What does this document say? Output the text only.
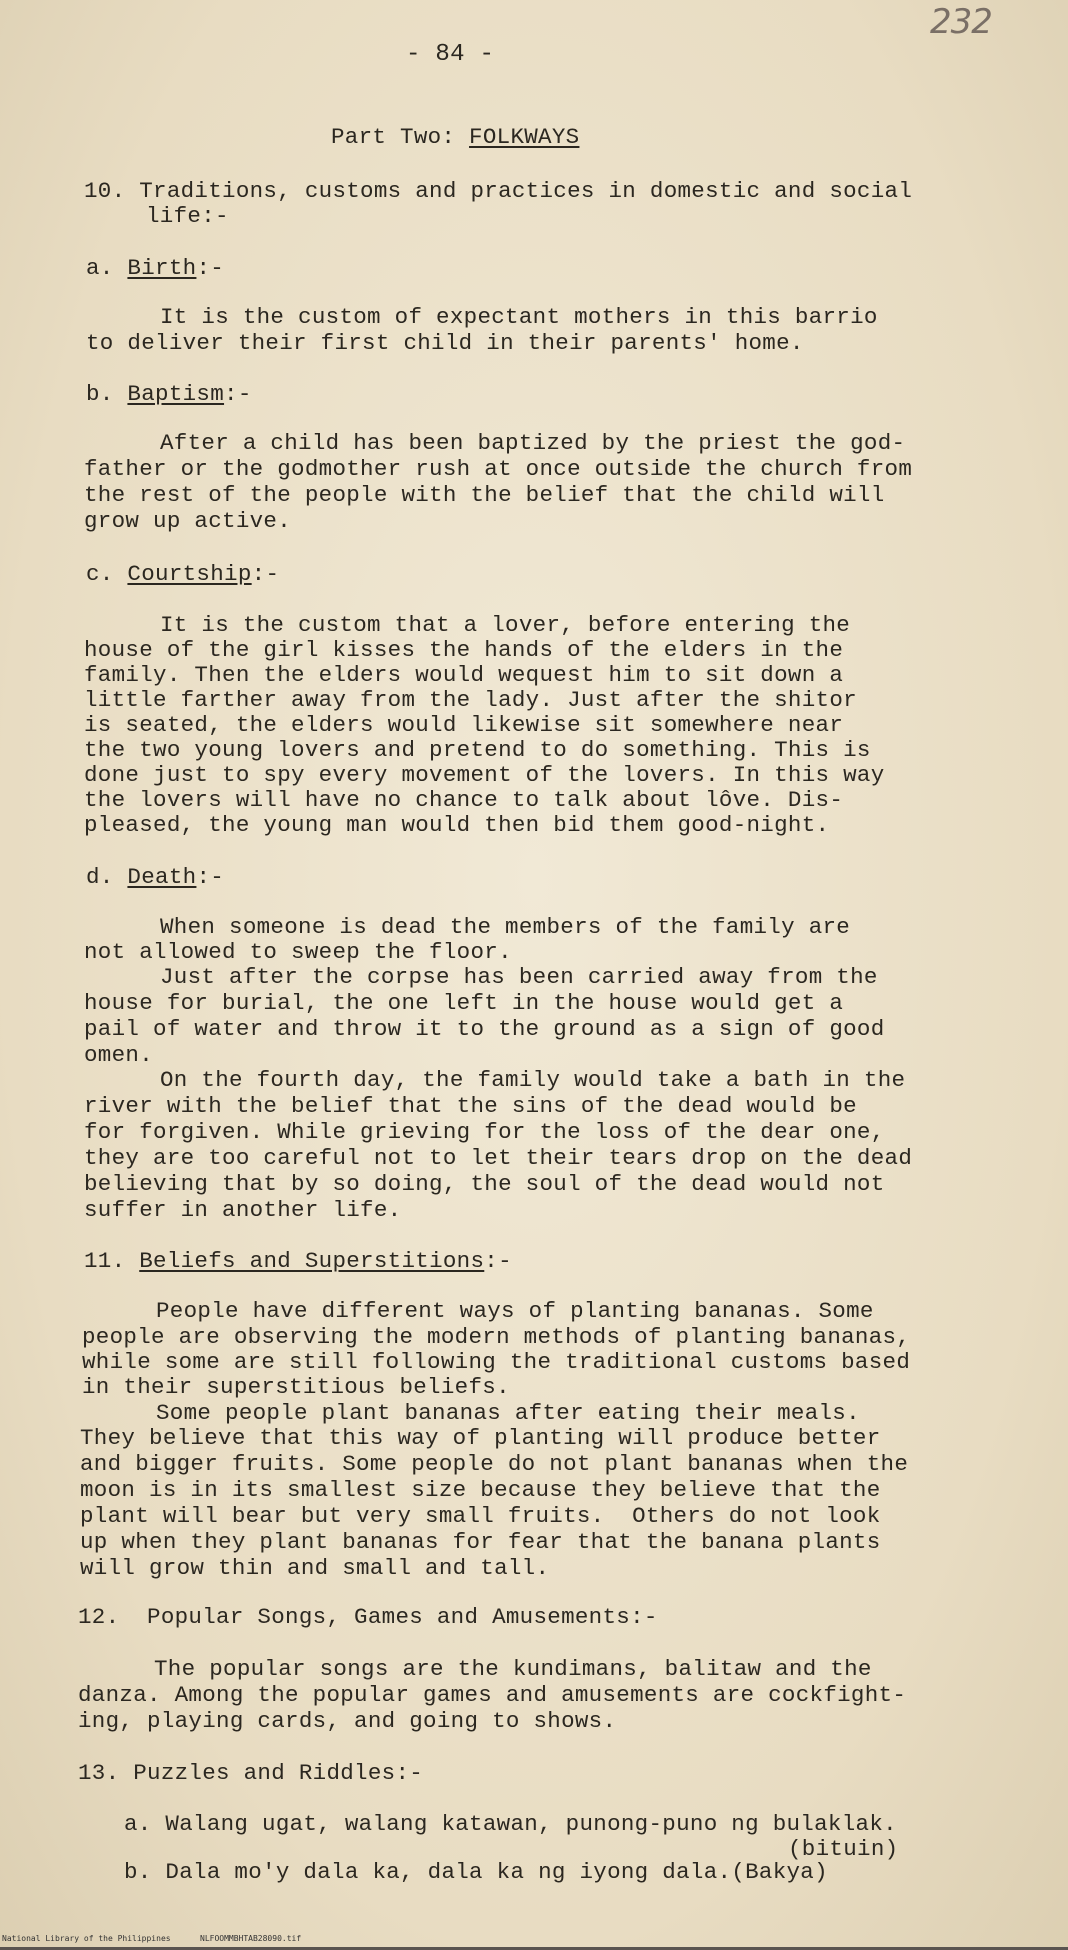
232
- 84 -
Part Two: FOLKWAYS
10. Traditions, customs and practices in domestic and social
life:-
a. Birth:-
It is the custom of expectant mothers in this barrio
to deliver their first child in their parents' home.
b. Baptism:-
After a child has been baptized by the priest the god-
father or the godmother rush at once outside the church from
the rest of the people with the belief that the child will
grow up active.
c. Courtship:-
It is the custom that a lover, before entering the
house of the girl kisses the hands of the elders in the
family. Then the elders would wequest him to sit down a
little farther away from the lady. Just after the shitor
is seated, the elders would likewise sit somewhere near
the two young lovers and pretend to do something. This is
done just to spy every movement of the lovers. In this way
the lovers will have no chance to talk about lôve. Dis-
pleased, the young man would then bid them good-night.
d. Death:-
When someone is dead the members of the family are
not allowed to sweep the floor.
Just after the corpse has been carried away from the
house for burial, the one left in the house would get a
pail of water and throw it to the ground as a sign of good
omen.
On the fourth day, the family would take a bath in the
river with the belief that the sins of the dead would be
for forgiven. While grieving for the loss of the dear one,
they are too careful not to let their tears drop on the dead
believing that by so doing, the soul of the dead would not
suffer in another life.
11. Beliefs and Superstitions:-
People have different ways of planting bananas. Some
people are observing the modern methods of planting bananas,
while some are still following the traditional customs based
in their superstitious beliefs.
Some people plant bananas after eating their meals.
They believe that this way of planting will produce better
and bigger fruits. Some people do not plant bananas when the
moon is in its smallest size because they believe that the
plant will bear but very small fruits.  Others do not look
up when they plant bananas for fear that the banana plants
will grow thin and small and tall.
12.  Popular Songs, Games and Amusements:-
The popular songs are the kundimans, balitaw and the
danza. Among the popular games and amusements are cockfight-
ing, playing cards, and going to shows.
13. Puzzles and Riddles:-
a. Walang ugat, walang katawan, punong-puno ng bulaklak.
(bituin)
b. Dala mo'y dala ka, dala ka ng iyong dala.(Bakya)
National Library of the Philippines	NLFOOMMBHTAB28090.tif
